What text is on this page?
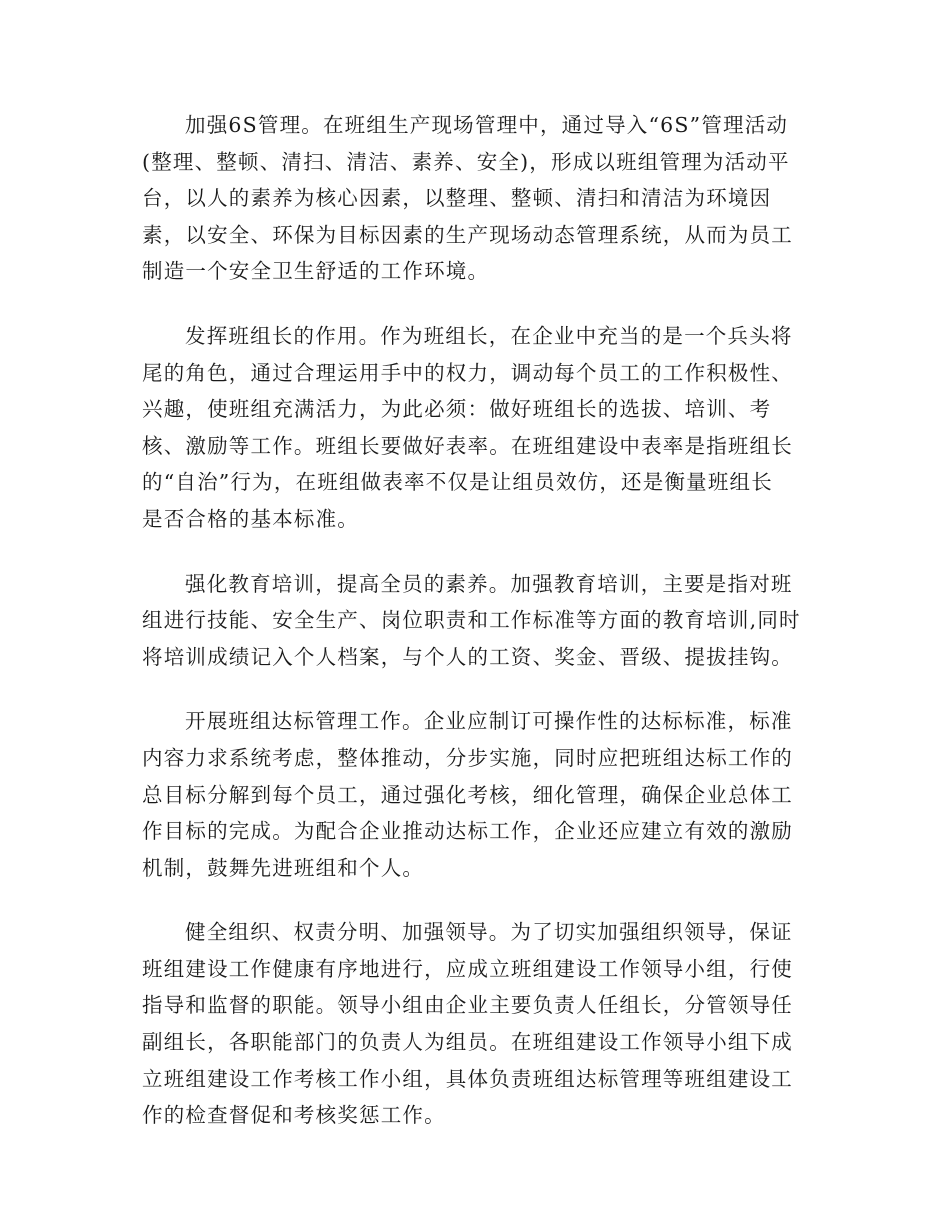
加强6S管理。在班组生产现场管理中，通过导入“6S”管理活动
(整理、整顿、清扫、清洁、素养、安全)，形成以班组管理为活动平
台，以人的素养为核心因素，以整理、整顿、清扫和清洁为环境因
素，以安全、环保为目标因素的生产现场动态管理系统，从而为员工
制造一个安全卫生舒适的工作环境。

发挥班组长的作用。作为班组长，在企业中充当的是一个兵头将
尾的角色，通过合理运用手中的权力，调动每个员工的工作积极性、
兴趣，使班组充满活力，为此必须：做好班组长的选拔、培训、考
核、激励等工作。班组长要做好表率。在班组建设中表率是指班组长
的“自治”行为，在班组做表率不仅是让组员效仿，还是衡量班组长
是否合格的基本标准。

强化教育培训，提高全员的素养。加强教育培训，主要是指对班
组进行技能、安全生产、岗位职责和工作标准等方面的教育培训,同时
将培训成绩记入个人档案，与个人的工资、奖金、晋级、提拔挂钩。

开展班组达标管理工作。企业应制订可操作性的达标标准，标准
内容力求系统考虑，整体推动，分步实施，同时应把班组达标工作的
总目标分解到每个员工，通过强化考核，细化管理，确保企业总体工
作目标的完成。为配合企业推动达标工作，企业还应建立有效的激励
机制，鼓舞先进班组和个人。

健全组织、权责分明、加强领导。为了切实加强组织领导，保证
班组建设工作健康有序地进行，应成立班组建设工作领导小组，行使
指导和监督的职能。领导小组由企业主要负责人任组长，分管领导任
副组长，各职能部门的负责人为组员。在班组建设工作领导小组下成
立班组建设工作考核工作小组，具体负责班组达标管理等班组建设工
作的检查督促和考核奖惩工作。
